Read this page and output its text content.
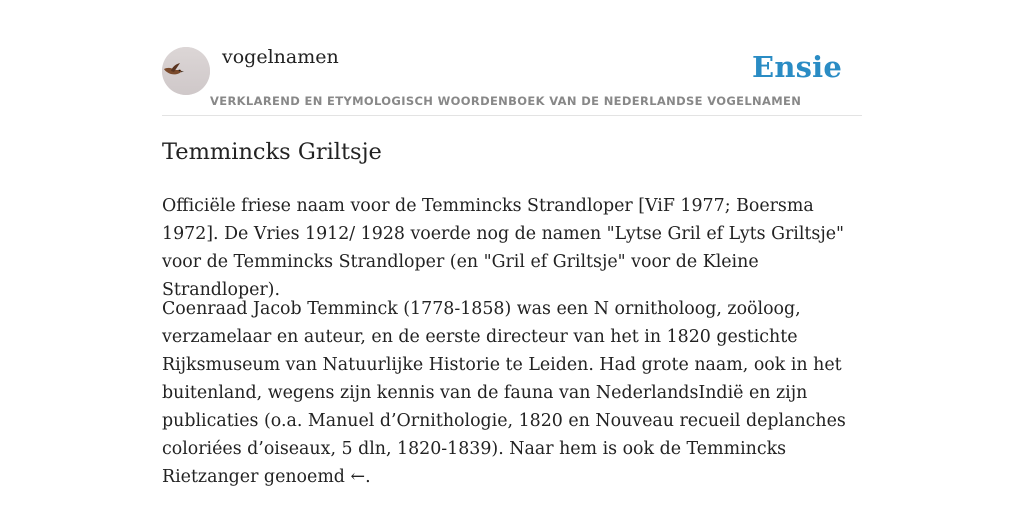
vogelnamen	Ensie
VERKLAREND EN ETYMOLOGISCH WOORDENBOEK VAN DE NEDERLANDSE VOGELNAMEN
Temmincks Griltsje

Officiële friese naam voor de Temmincks Strandloper [ViF 1977; Boersma 1972]. De Vries 1912/ 1928 voerde nog de namen "Lytse Gril ef Lyts Griltsje" voor de Temmincks Strandloper (en "Gril ef Griltsje" voor de Kleine Strandloper).

Coenraad Jacob Temminck (1778-1858) was een N ornitholoog, zoöloog, verzamelaar en auteur, en de eerste directeur van het in 1820 gestichte Rijksmuseum van Natuurlijke Historie te Leiden. Had grote naam, ook in het buitenland, wegens zijn kennis van de fauna van NederlandsIndië en zijn publicaties (o.a. Manuel d’Ornithologie, 1820 en Nouveau recueil deplanches coloriées d’oiseaux, 5 dln, 1820-1839). Naar hem is ook de Temmincks Rietzanger genoemd ←.
